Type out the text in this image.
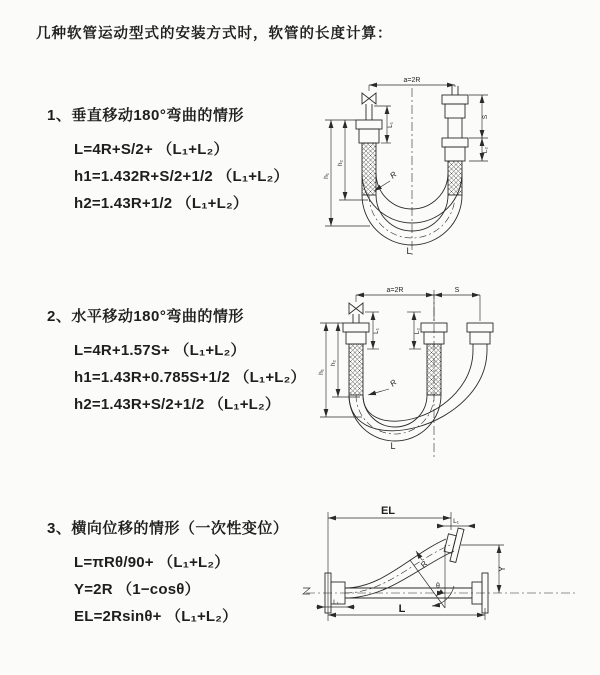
几种软管运动型式的安装方式时，软管的长度计算：
1、垂直移动180°弯曲的情形

L=4R+S/2+ （L₁+L₂）

h1=1.432R+S/2+1/2 （L₁+L₂）

h2=1.43R+1/2 （L₁+L₂）

a=2R
h₁
h₂
L₁
S
L₂
R
L
2、水平移动180°弯曲的情形

L=4R+1.57S+ （L₁+L₂）

h1=1.43R+0.785S+1/2 （L₁+L₂）

h2=1.43R+S/2+1/2 （L₁+L₂）

a=2R	S
h₁
h₂
L₁	L₂
R
L
3、横向位移的情形（一次性变位）

L=πRθ/90+ （L₁+L₂）

Y=2R （1−cosθ）

EL=2Rsinθ+ （L₁+L₂）

EL
L₁
Y
θ
R
L
L₁
